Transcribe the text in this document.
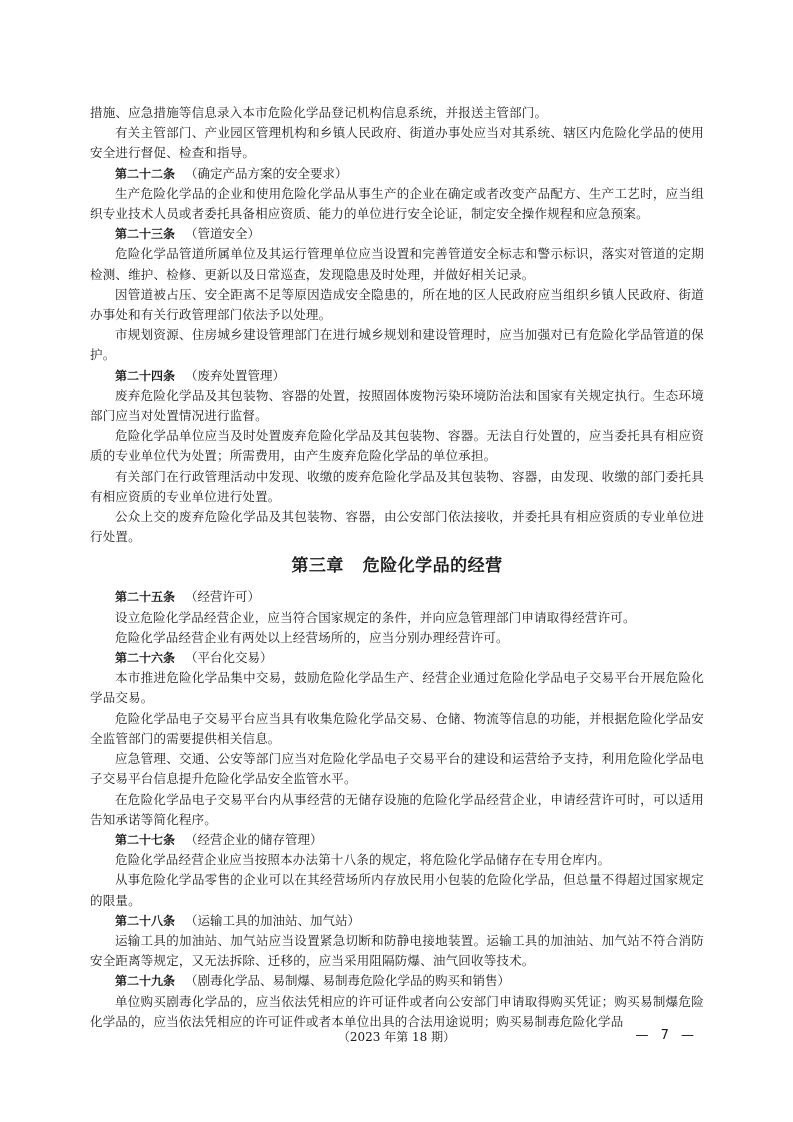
措施、应急措施等信息录入本市危险化学品登记机构信息系统，并报送主管部门。

有关主管部门、产业园区管理机构和乡镇人民政府、街道办事处应当对其系统、辖区内危险化学品的使用安全进行督促、检查和指导。

第二十二条 （确定产品方案的安全要求）

生产危险化学品的企业和使用危险化学品从事生产的企业在确定或者改变产品配方、生产工艺时，应当组织专业技术人员或者委托具备相应资质、能力的单位进行安全论证，制定安全操作规程和应急预案。

第二十三条 （管道安全）

危险化学品管道所属单位及其运行管理单位应当设置和完善管道安全标志和警示标识，落实对管道的定期检测、维护、检修、更新以及日常巡查，发现隐患及时处理，并做好相关记录。

因管道被占压、安全距离不足等原因造成安全隐患的，所在地的区人民政府应当组织乡镇人民政府、街道办事处和有关行政管理部门依法予以处理。

市规划资源、住房城乡建设管理部门在进行城乡规划和建设管理时，应当加强对已有危险化学品管道的保护。

第二十四条 （废弃处置管理）

废弃危险化学品及其包装物、容器的处置，按照固体废物污染环境防治法和国家有关规定执行。生态环境部门应当对处置情况进行监督。

危险化学品单位应当及时处置废弃危险化学品及其包装物、容器。无法自行处置的，应当委托具有相应资质的专业单位代为处置；所需费用，由产生废弃危险化学品的单位承担。

有关部门在行政管理活动中发现、收缴的废弃危险化学品及其包装物、容器，由发现、收缴的部门委托具有相应资质的专业单位进行处置。

公众上交的废弃危险化学品及其包装物、容器，由公安部门依法接收，并委托具有相应资质的专业单位进行处置。

第三章 危险化学品的经营

第二十五条 （经营许可）

设立危险化学品经营企业，应当符合国家规定的条件，并向应急管理部门申请取得经营许可。

危险化学品经营企业有两处以上经营场所的，应当分别办理经营许可。

第二十六条 （平台化交易）

本市推进危险化学品集中交易，鼓励危险化学品生产、经营企业通过危险化学品电子交易平台开展危险化学品交易。

危险化学品电子交易平台应当具有收集危险化学品交易、仓储、物流等信息的功能，并根据危险化学品安全监管部门的需要提供相关信息。

应急管理、交通、公安等部门应当对危险化学品电子交易平台的建设和运营给予支持，利用危险化学品电子交易平台信息提升危险化学品安全监管水平。

在危险化学品电子交易平台内从事经营的无储存设施的危险化学品经营企业，申请经营许可时，可以适用告知承诺等简化程序。

第二十七条 （经营企业的储存管理）

危险化学品经营企业应当按照本办法第十八条的规定，将危险化学品储存在专用仓库内。

从事危险化学品零售的企业可以在其经营场所内存放民用小包装的危险化学品，但总量不得超过国家规定的限量。

第二十八条 （运输工具的加油站、加气站）

运输工具的加油站、加气站应当设置紧急切断和防静电接地装置。运输工具的加油站、加气站不符合消防安全距离等规定，又无法拆除、迁移的，应当采用阻隔防爆、油气回收等技术。

第二十九条 （剧毒化学品、易制爆、易制毒危险化学品的购买和销售）

单位购买剧毒化学品的，应当依法凭相应的许可证件或者向公安部门申请取得购买凭证；购买易制爆危险化学品的，应当依法凭相应的许可证件或者本单位出具的合法用途说明；购买易制毒危险化学品

（2023 年第 18 期）	— 7 —
